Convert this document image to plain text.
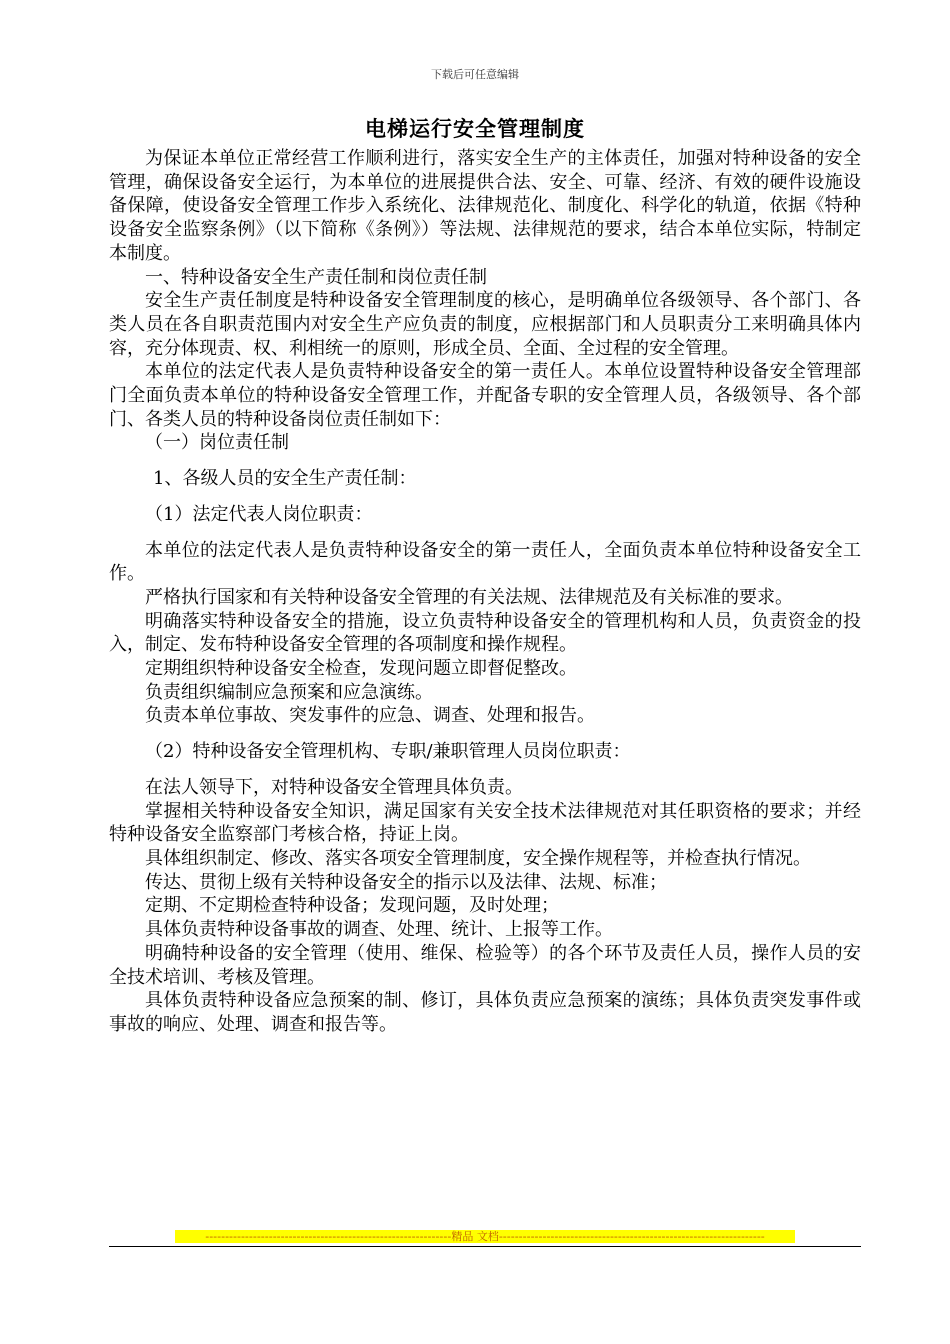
下载后可任意编辑
电梯运行安全管理制度

为保证本单位正常经营工作顺利进行，落实安全生产的主体责任，加强对特种设备的安全管理，确保设备安全运行，为本单位的进展提供合法、安全、可靠、经济、有效的硬件设施设备保障，使设备安全管理工作步入系统化、法律规范化、制度化、科学化的轨道，依据《特种设备安全监察条例》（以下简称《条例》）等法规、法律规范的要求，结合本单位实际，特制定本制度。

一、特种设备安全生产责任制和岗位责任制

安全生产责任制度是特种设备安全管理制度的核心，是明确单位各级领导、各个部门、各类人员在各自职责范围内对安全生产应负责的制度，应根据部门和人员职责分工来明确具体内容，充分体现责、权、利相统一的原则，形成全员、全面、全过程的安全管理。

本单位的法定代表人是负责特种设备安全的第一责任人。本单位设置特种设备安全管理部门全面负责本单位的特种设备安全管理工作，并配备专职的安全管理人员，各级领导、各个部门、各类人员的特种设备岗位责任制如下：

（一）岗位责任制

1、各级人员的安全生产责任制：

（1）法定代表人岗位职责：

本单位的法定代表人是负责特种设备安全的第一责任人，全面负责本单位特种设备安全工作。

严格执行国家和有关特种设备安全管理的有关法规、法律规范及有关标准的要求。

明确落实特种设备安全的措施，设立负责特种设备安全的管理机构和人员，负责资金的投入，制定、发布特种设备安全管理的各项制度和操作规程。

定期组织特种设备安全检查，发现问题立即督促整改。

负责组织编制应急预案和应急演练。

负责本单位事故、突发事件的应急、调查、处理和报告。

（2）特种设备安全管理机构、专职/兼职管理人员岗位职责：

在法人领导下，对特种设备安全管理具体负责。

掌握相关特种设备安全知识，满足国家有关安全技术法律规范对其任职资格的要求；并经特种设备安全监察部门考核合格，持证上岗。

具体组织制定、修改、落实各项安全管理制度，安全操作规程等，并检查执行情况。

传达、贯彻上级有关特种设备安全的指示以及法律、法规、标准；

定期、不定期检查特种设备；发现问题，及时处理；

具体负责特种设备事故的调查、处理、统计、上报等工作。

明确特种设备的安全管理（使用、维保、检验等）的各个环节及责任人员，操作人员的安全技术培训、考核及管理。

具体负责特种设备应急预案的制、修订，具体负责应急预案的演练；具体负责突发事件或事故的响应、处理、调查和报告等。

--------------------------------------------------------------精品 文档-------------------------------------------------------------------
